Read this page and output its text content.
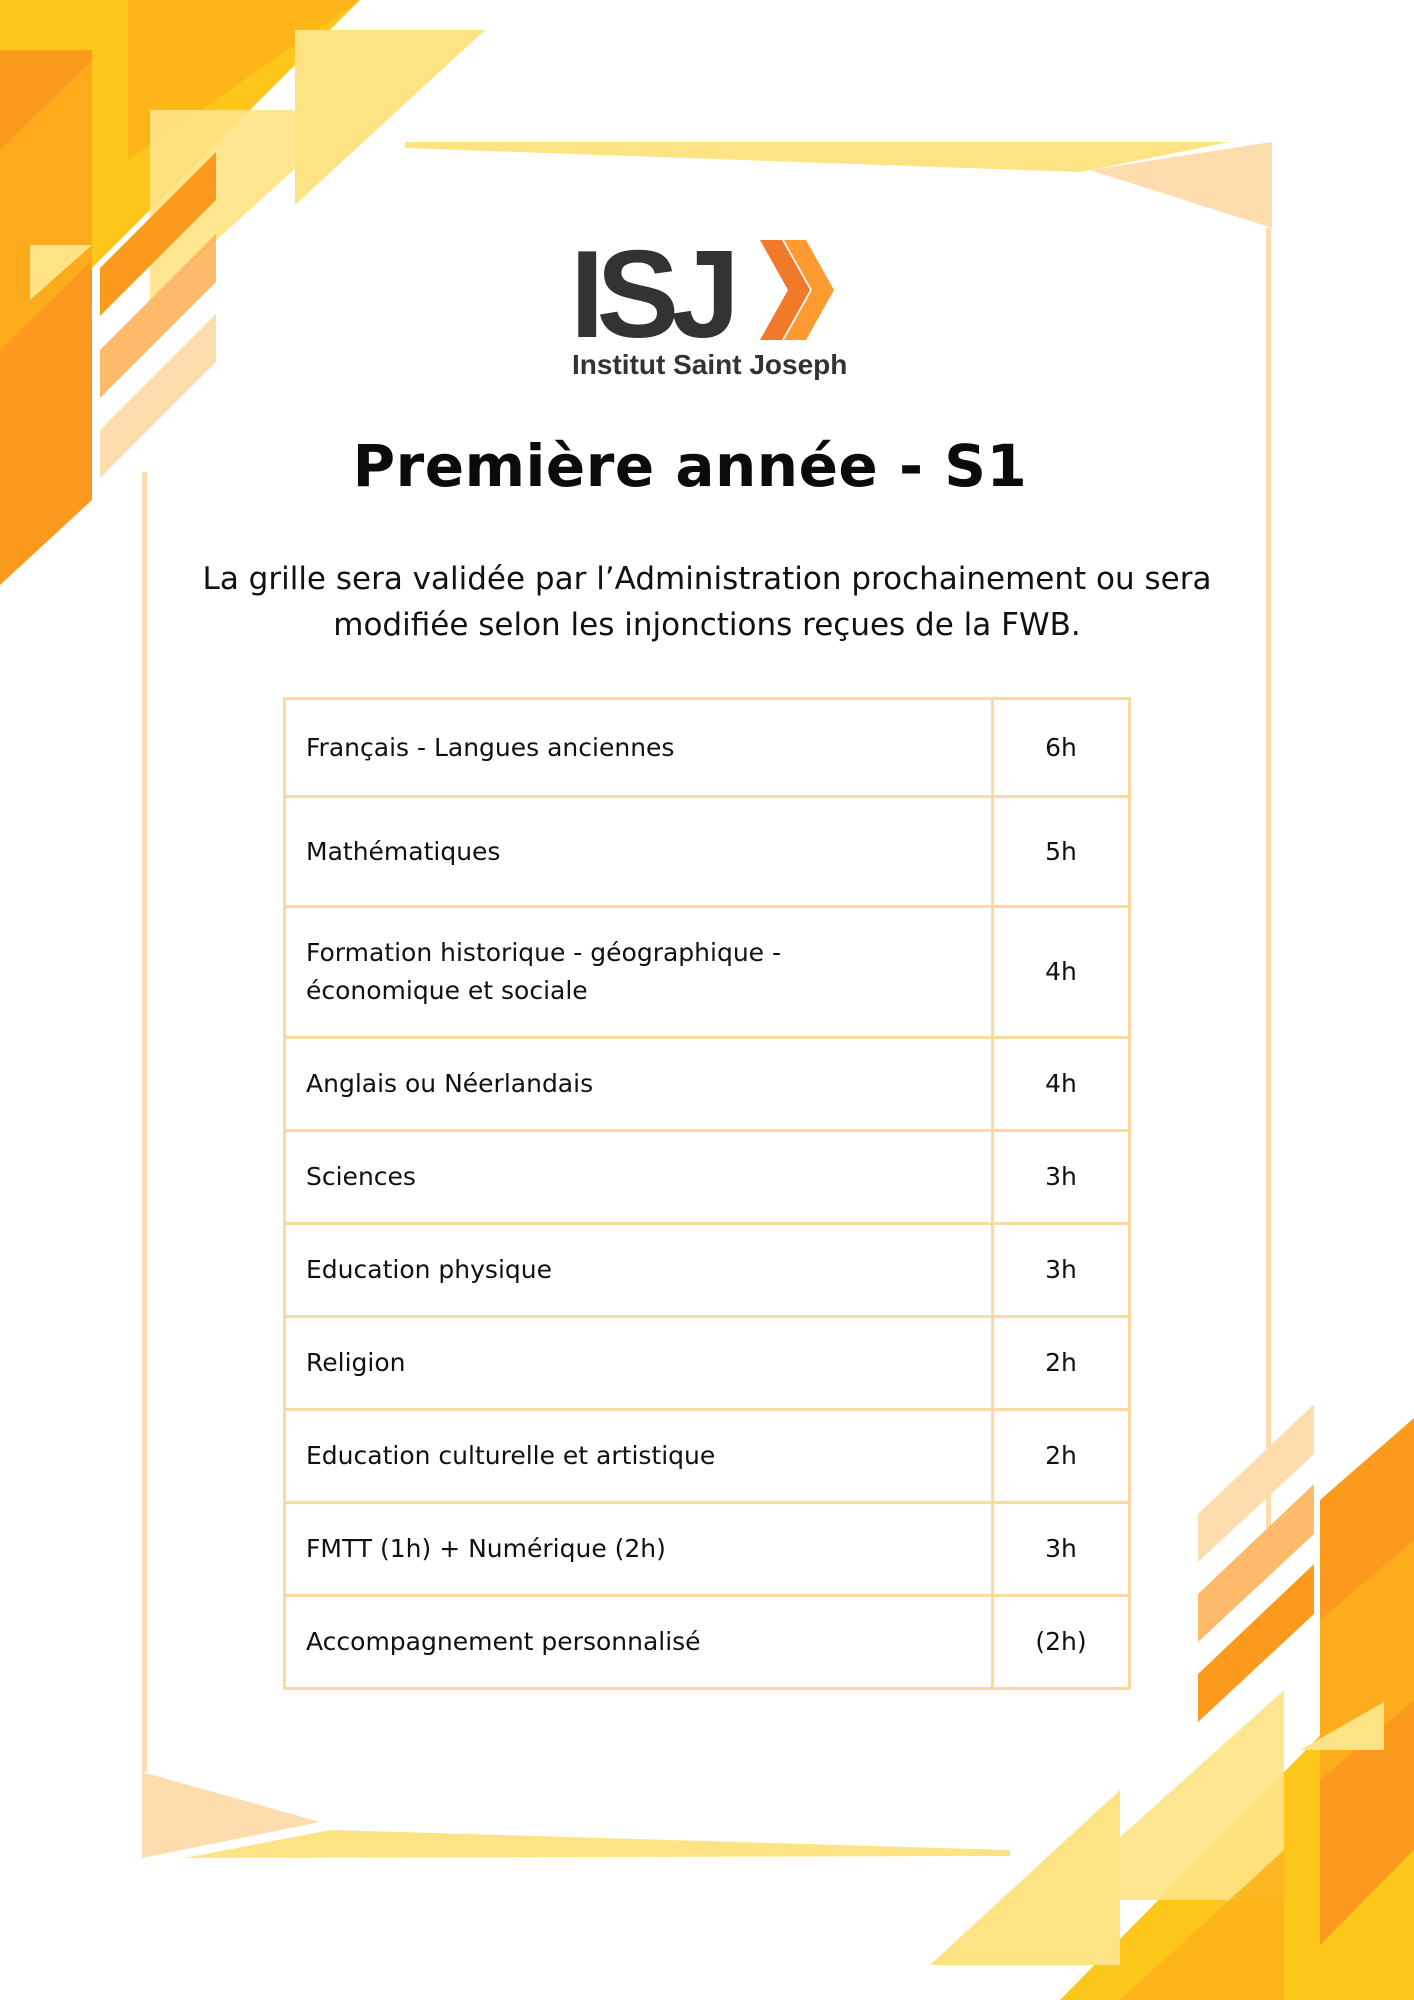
ISJ
Institut Saint Joseph
Première année - S1
La grille sera validée par l’Administration prochainement ou sera
modifiée selon les injonctions reçues de la FWB.
Français - Langues anciennes	6h
Mathématiques	5h

Formation historique - géographique -
économique et sociale	4h
Anglais ou Néerlandais	4h
Sciences	3h
Education physique	3h
Religion	2h
Education culturelle et artistique	2h
FMTT (1h) + Numérique (2h)	3h
Accompagnement personnalisé	(2h)
